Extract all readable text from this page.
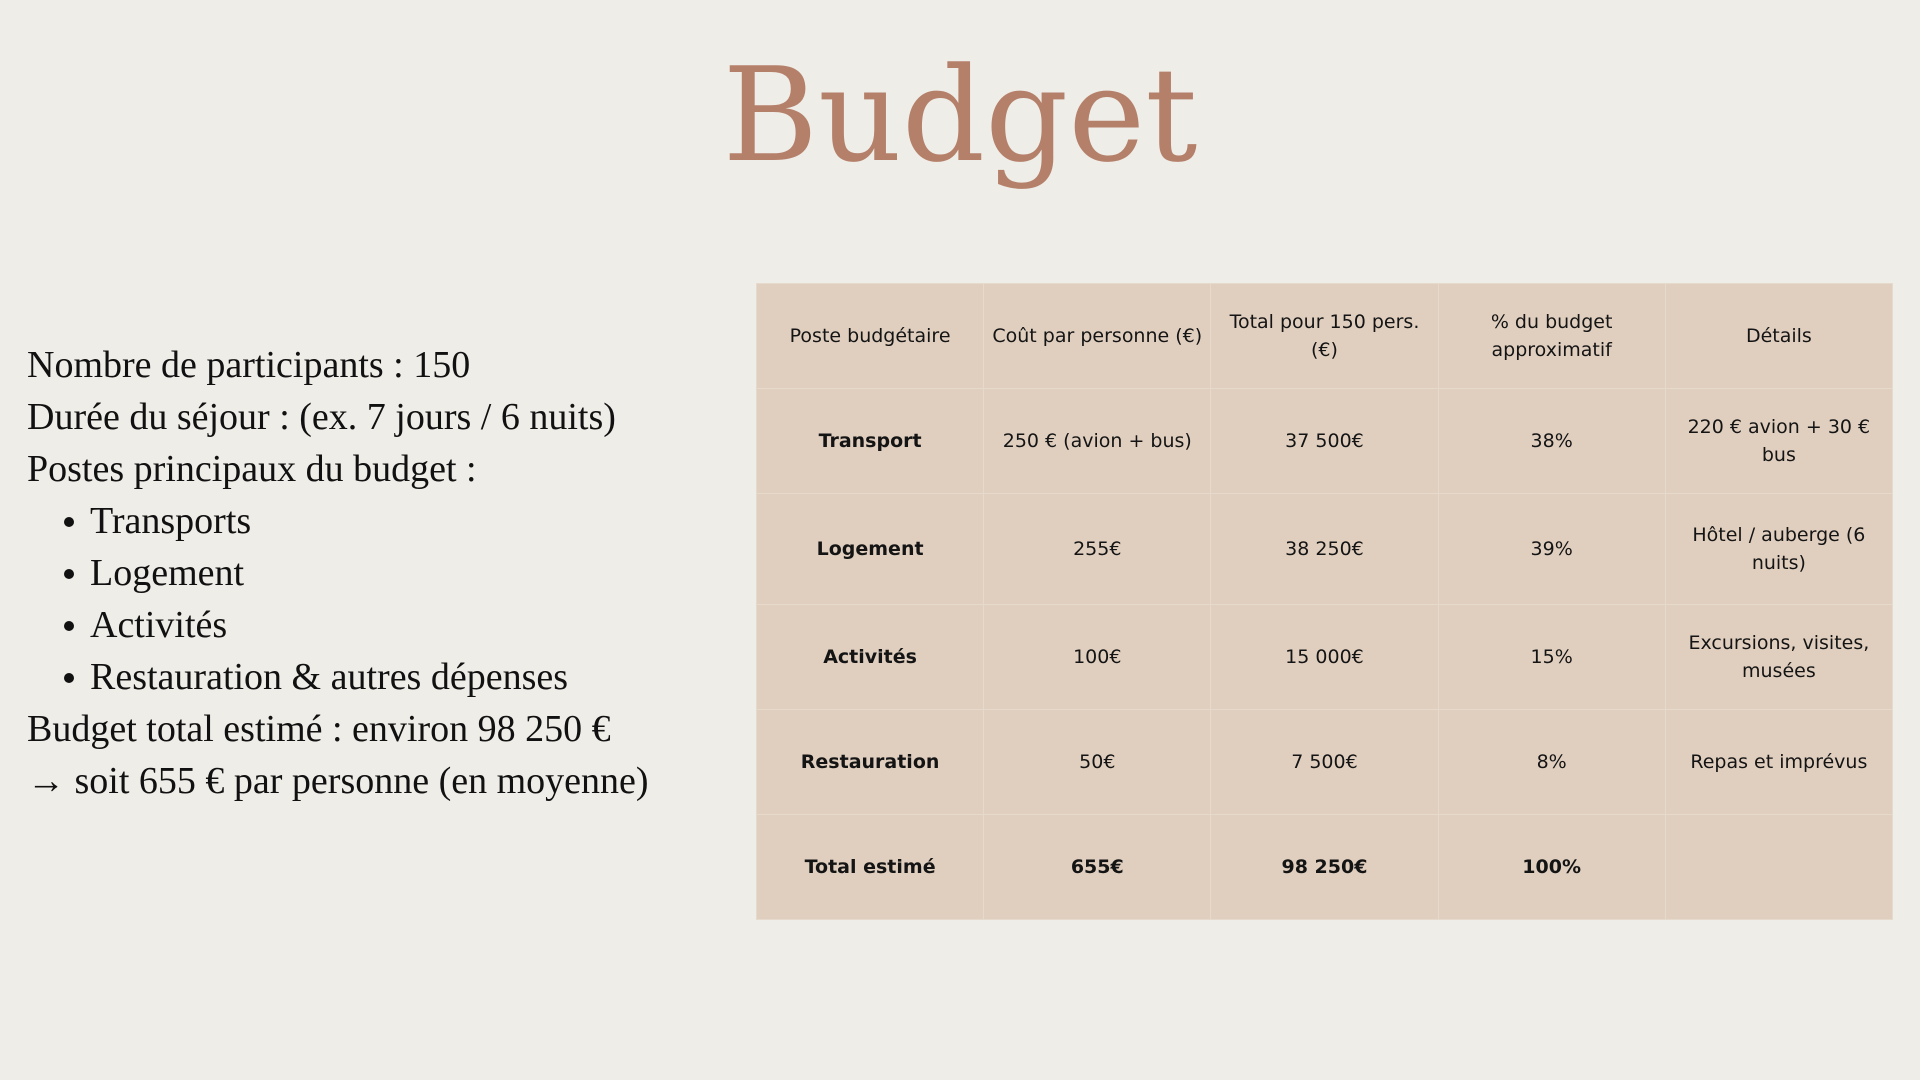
Budget
Nombre de participants : 150
Durée du séjour : (ex. 7 jours / 6 nuits)
Postes principaux du budget :
Transports
Logement
Activités
Restauration & autres dépenses
Budget total estimé : environ 98 250 €
→ soit 655 € par personne (en moyenne)
Poste budgétaire	Coût par personne (€)	Total pour 150 pers. (€)	% du budget approximatif	Détails
Transport	250 € (avion + bus)	37 500€	38%	220 € avion + 30 € bus
Logement	255€	38 250€	39%	Hôtel / auberge (6 nuits)
Activités	100€	15 000€	15%	Excursions, visites, musées
Restauration	50€	7 500€	8%	Repas et imprévus
Total estimé	655€	98 250€	100%	
